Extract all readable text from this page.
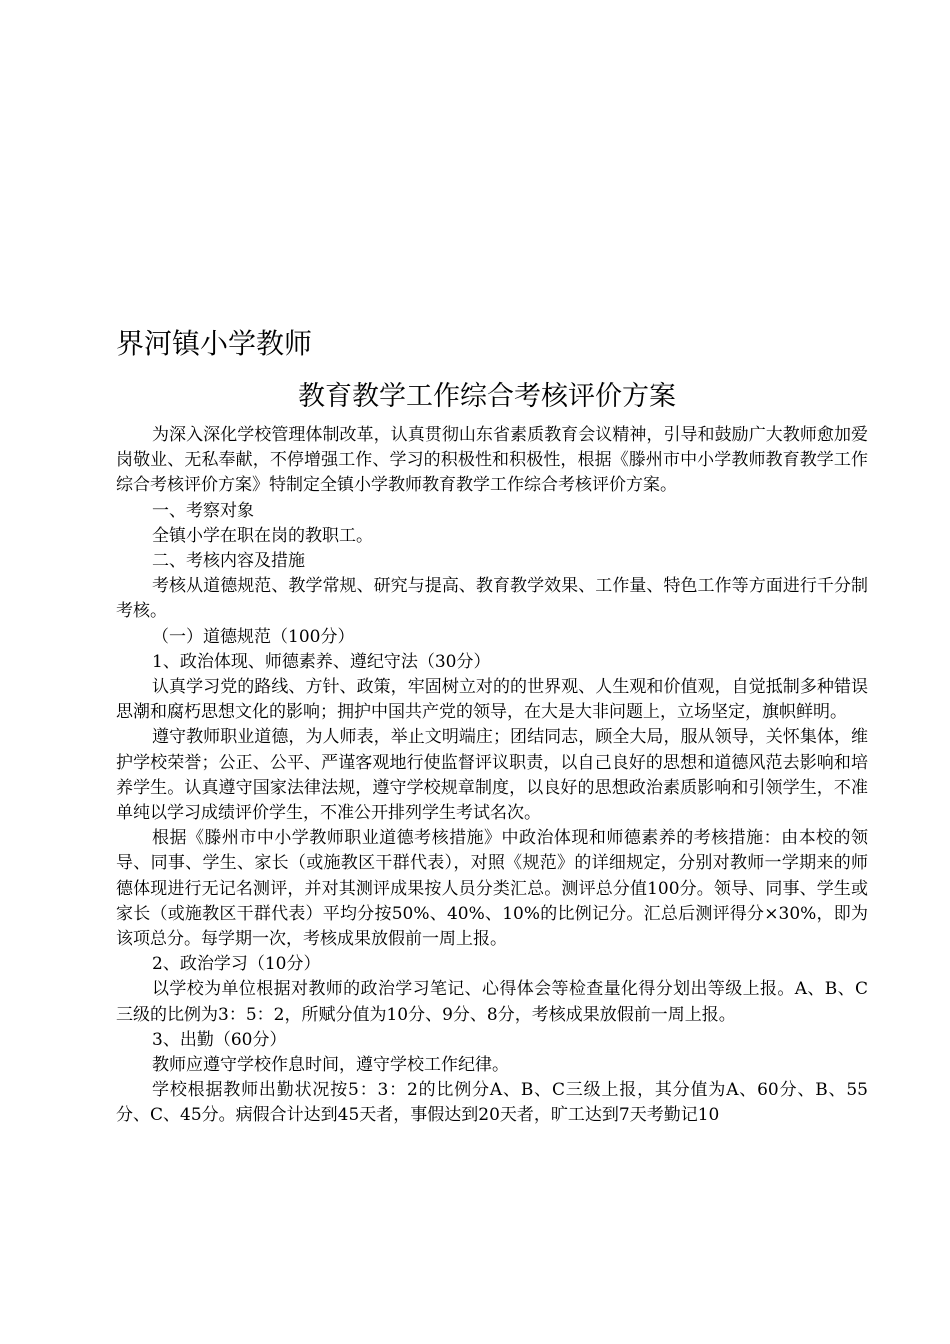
界河镇小学教师
教育教学工作综合考核评价方案

为深入深化学校管理体制改革，认真贯彻山东省素质教育会议精神，引导和鼓励广大教师愈加爱岗敬业、无私奉献，不停增强工作、学习的积极性和积极性，根据《滕州市中小学教师教育教学工作综合考核评价方案》特制定全镇小学教师教育教学工作综合考核评价方案。

一、考察对象

全镇小学在职在岗的教职工。

二、考核内容及措施

考核从道德规范、教学常规、研究与提高、教育教学效果、工作量、特色工作等方面进行千分制考核。

（一）道德规范（100分）

1、政治体现、师德素养、遵纪守法（30分）

认真学习党的路线、方针、政策，牢固树立对的的世界观、人生观和价值观，自觉抵制多种错误思潮和腐朽思想文化的影响；拥护中国共产党的领导，在大是大非问题上，立场坚定，旗帜鲜明。

遵守教师职业道德，为人师表，举止文明端庄；团结同志，顾全大局，服从领导，关怀集体，维护学校荣誉；公正、公平、严谨客观地行使监督评议职责，以自己良好的思想和道德风范去影响和培养学生。认真遵守国家法律法规，遵守学校规章制度，以良好的思想政治素质影响和引领学生，不准单纯以学习成绩评价学生，不准公开排列学生考试名次。

根据《滕州市中小学教师职业道德考核措施》中政治体现和师德素养的考核措施：由本校的领导、同事、学生、家长（或施教区干群代表），对照《规范》的详细规定，分别对教师一学期来的师德体现进行无记名测评，并对其测评成果按人员分类汇总。测评总分值100分。领导、同事、学生或家长（或施教区干群代表）平均分按50%、40%、10%的比例记分。汇总后测评得分×30%，即为该项总分。每学期一次，考核成果放假前一周上报。

2、政治学习（10分）

以学校为单位根据对教师的政治学习笔记、心得体会等检查量化得分划出等级上报。A、B、C三级的比例为3：5：2，所赋分值为10分、9分、8分，考核成果放假前一周上报。

3、出勤（60分）

教师应遵守学校作息时间，遵守学校工作纪律。

学校根据教师出勤状况按5：3：2的比例分A、B、C三级上报，其分值为A、60分、B、55分、C、45分。病假合计达到45天者，事假达到20天者，旷工达到7天考勤记10
